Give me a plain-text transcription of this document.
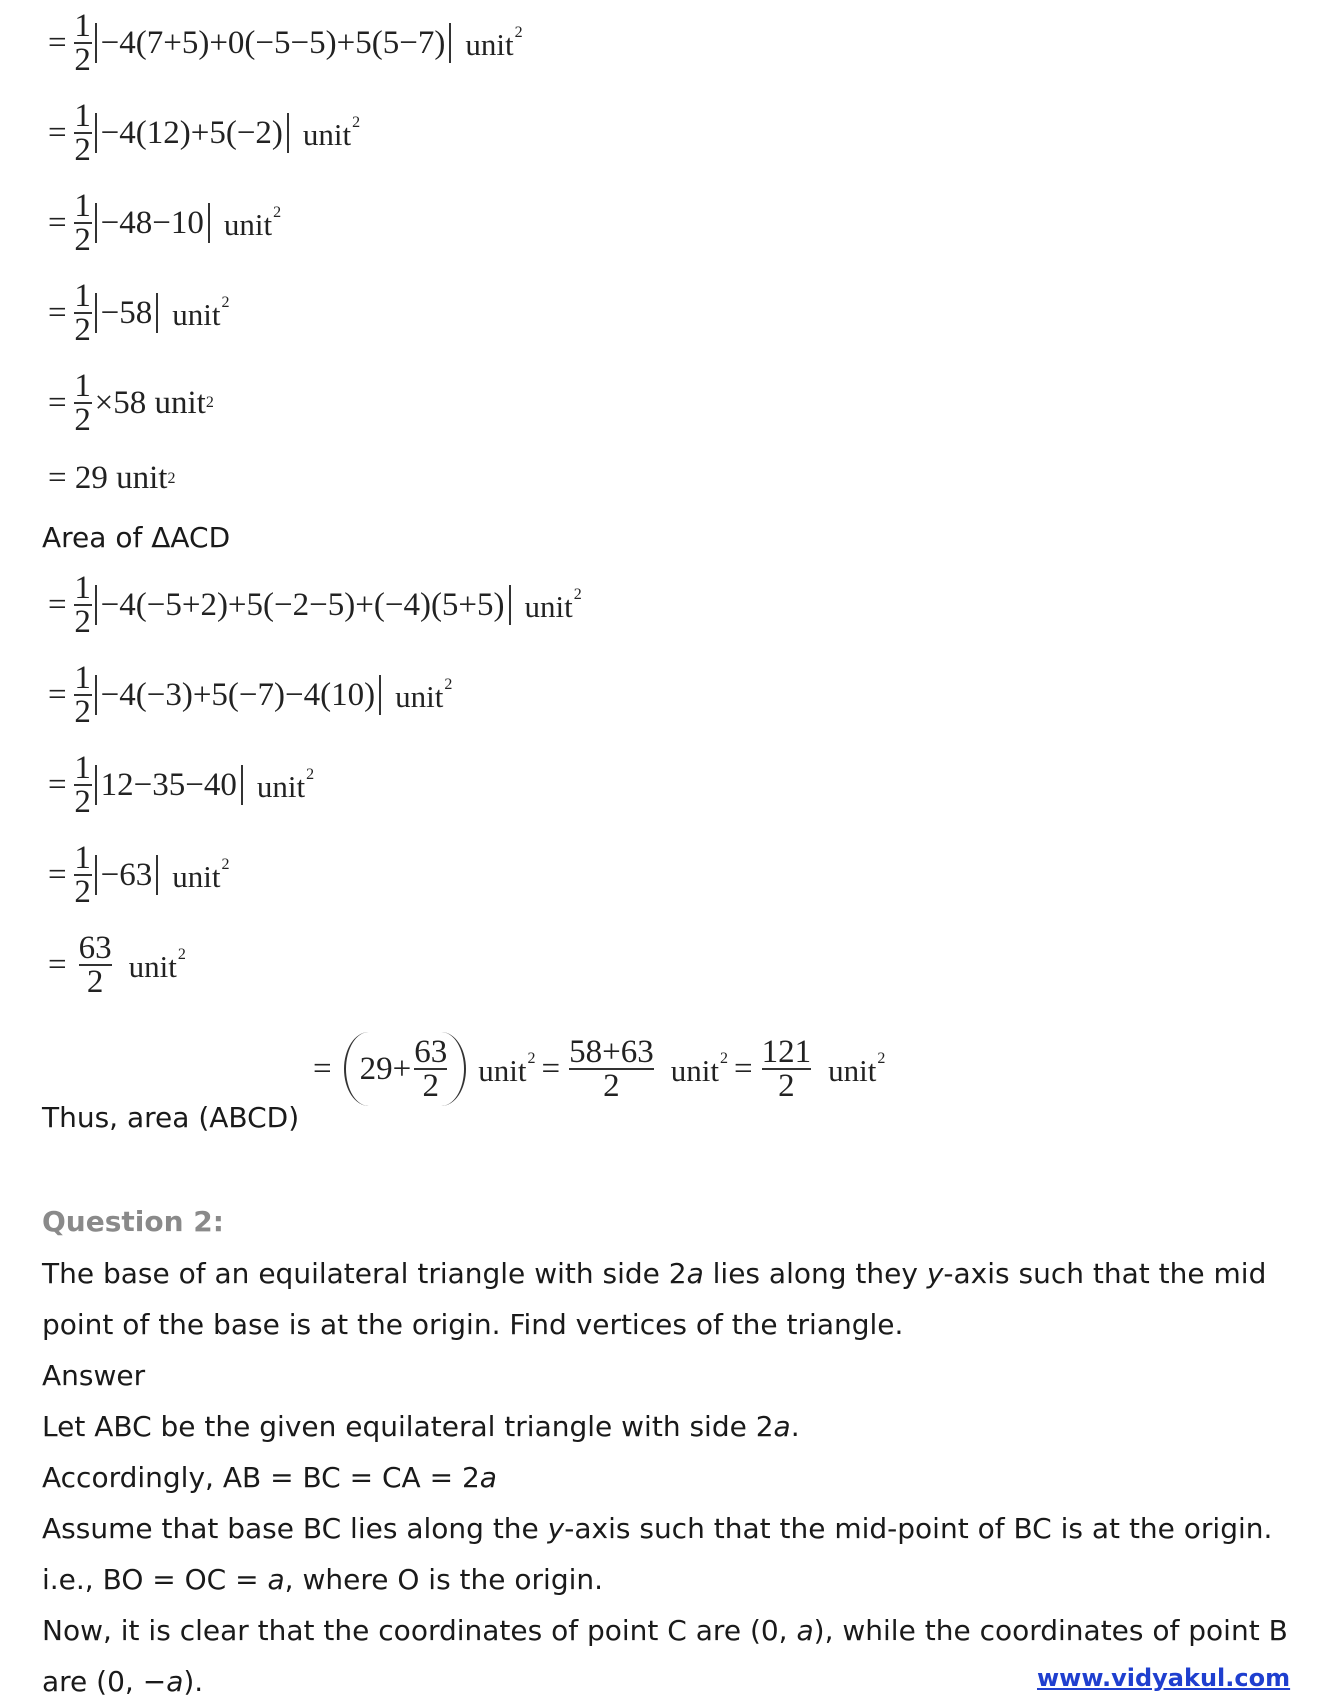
= 1
2 −4(7+5)+0(−5−5)+5(5−7) unit$^2$
= 1
2 −4(12)+5(−2) unit$^2$
= 1
2 −48−10 unit$^2$
= 1
2 −58 unit$^2$
= 1
2 ×58 unit 2
= 29 unit 2
Area of ΔACD
= 1
2 −4(−5+2)+5(−2−5)+(−4)(5+5) unit$^2$
= 1
2 −4(−3)+5(−7)−4(10) unit$^2$
= 1
2 12−35−40 unit$^2$
= 1
2 −63 unit$^2$
= 63
2 unit$^2$
Thus, area (ABCD)
= 29+ 63
2 unit$^2$ = 58+63
2 unit$^2$ = 121
2 unit$^2$
Question 2:
The base of an equilateral triangle with side 2a lies along they y-axis such that the mid
point of the base is at the origin. Find vertices of the triangle.
Answer
Let ABC be the given equilateral triangle with side 2a.
Accordingly, AB = BC = CA = 2a
Assume that base BC lies along the y-axis such that the mid-point of BC is at the origin.
i.e., BO = OC = a, where O is the origin.
Now, it is clear that the coordinates of point C are (0, a), while the coordinates of point B
are (0, −a).	www.vidyakul.com
